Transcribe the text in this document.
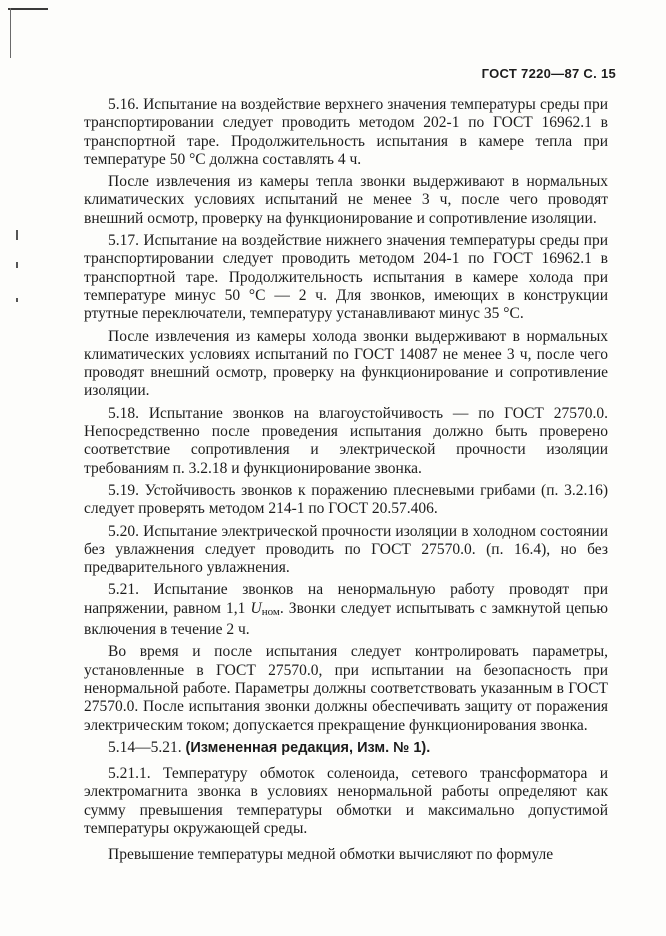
ГОСТ 7220—87 С. 15

5.16. Испытание на воздействие верхнего значения температуры среды при транспортировании следует проводить методом 202-1 по ГОСТ 16962.1 в транспортной таре. Продолжительность испытания в камере тепла при температуре 50 °C должна составлять 4 ч.

После извлечения из камеры тепла звонки выдерживают в нормальных климатических условиях испытаний не менее 3 ч, после чего проводят внешний осмотр, проверку на функционирование и сопротивление изоляции.

5.17. Испытание на воздействие нижнего значения температуры среды при транспортировании следует проводить методом 204-1 по ГОСТ 16962.1 в транспортной таре. Продолжительность испытания в камере холода при температуре минус 50 °C — 2 ч. Для звонков, имеющих в конструкции ртутные переключатели, температуру устанавливают минус 35 °C.

После извлечения из камеры холода звонки выдерживают в нормальных климатических условиях испытаний по ГОСТ 14087 не менее 3 ч, после чего проводят внешний осмотр, проверку на функционирование и сопротивление изоляции.

5.18. Испытание звонков на влагоустойчивость — по ГОСТ 27570.0. Непосредственно после проведения испытания должно быть проверено соответствие сопротивления и электрической прочности изоляции требованиям п. 3.2.18 и функционирование звонка.

5.19. Устойчивость звонков к поражению плесневыми грибами (п. 3.2.16) следует проверять методом 214-1 по ГОСТ 20.57.406.

5.20. Испытание электрической прочности изоляции в холодном состоянии без увлажнения следует проводить по ГОСТ 27570.0. (п. 16.4), но без предварительного увлажнения.

5.21. Испытание звонков на ненормальную работу проводят при напряжении, равном 1,1 Uном. Звонки следует испытывать с замкнутой цепью включения в течение 2 ч.

Во время и после испытания следует контролировать параметры, установленные в ГОСТ 27570.0, при испытании на безопасность при ненормальной работе. Параметры должны соответствовать указанным в ГОСТ 27570.0. После испытания звонки должны обеспечивать защиту от поражения электрическим током; допускается прекращение функционирования звонка.

5.14—5.21. (Измененная редакция, Изм. № 1).

5.21.1. Температуру обмоток соленоида, сетевого трансформатора и электромагнита звонка в условиях ненормальной работы определяют как сумму превышения температуры обмотки и максимально допустимой температуры окружающей среды.

Превышение температуры медной обмотки вычисляют по формуле
